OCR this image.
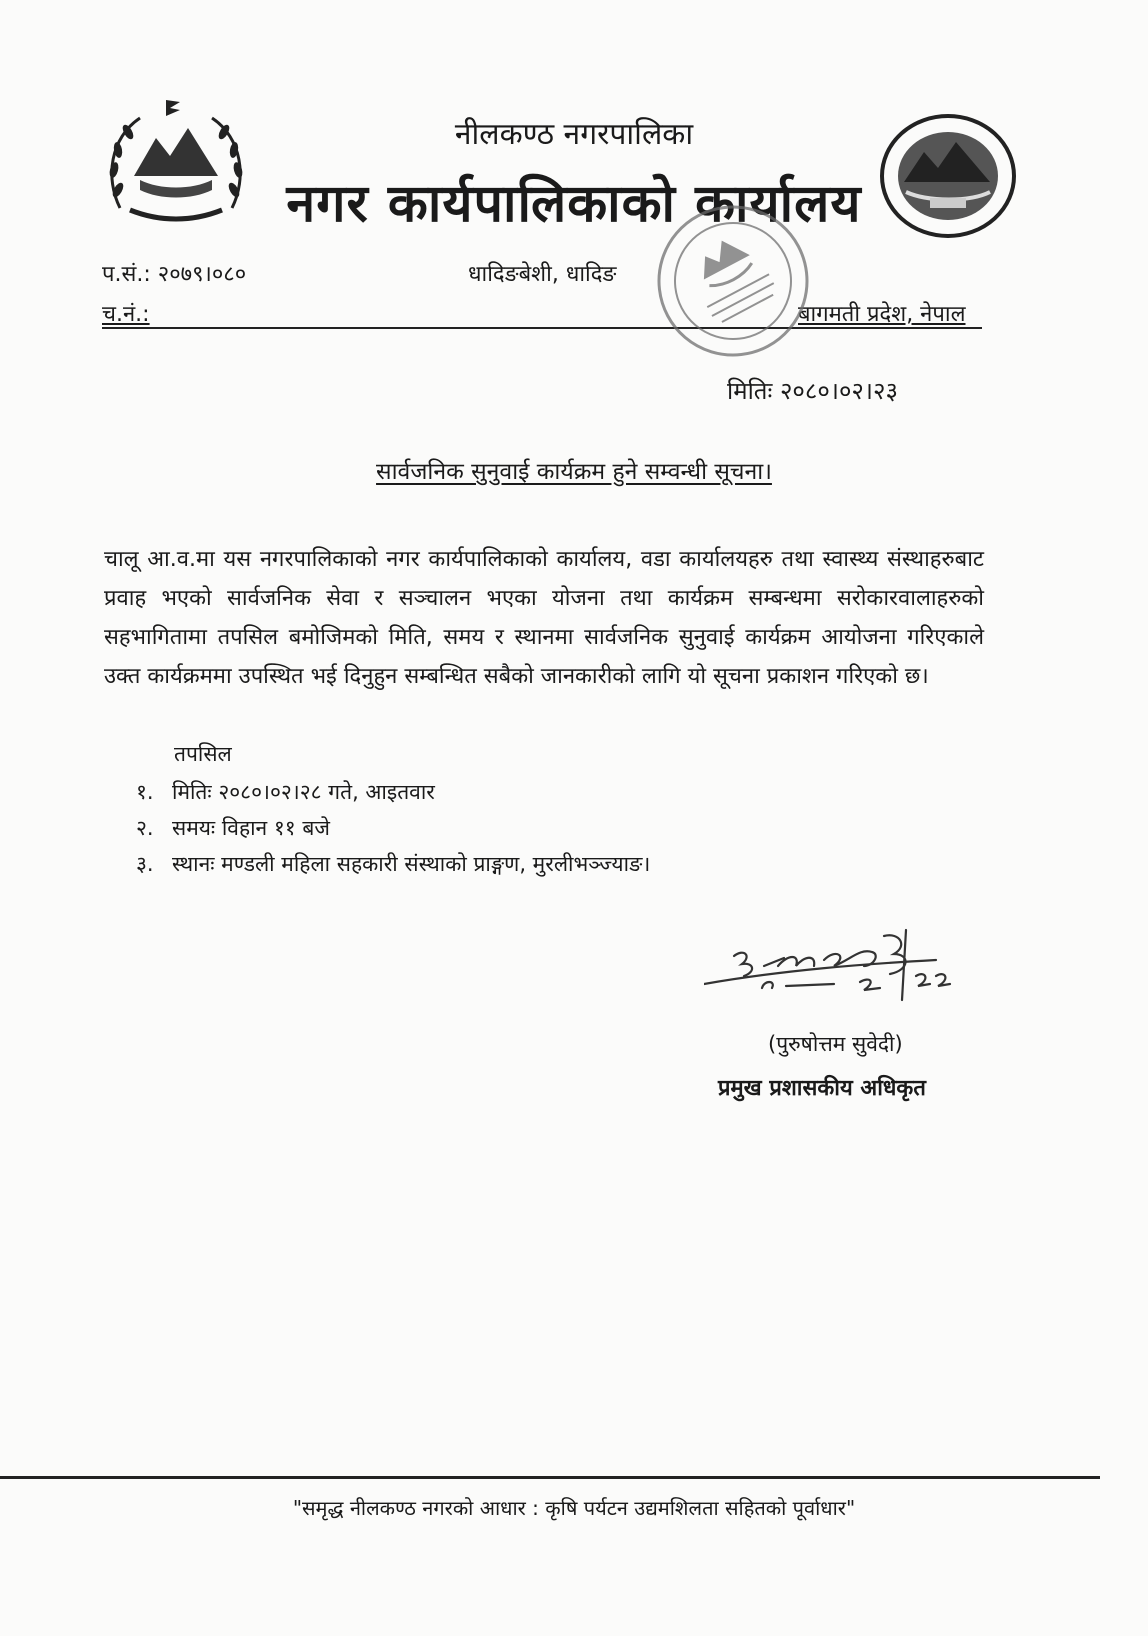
नीलकण्ठ नगरपालिका
नगर कार्यपालिकाको कार्यालय
प.सं.: २०७९।०८०
च.नं.:
धादिङबेशी, धादिङ
बागमती प्रदेश, नेपाल
मितिः २०८०।०२।२३
सार्वजनिक सुनुवाई कार्यक्रम हुने सम्वन्धी सूचना।
चालू आ.व.मा यस नगरपालिकाको नगर कार्यपालिकाको कार्यालय, वडा कार्यालयहरु तथा स्वास्थ्य संस्थाहरुबाट प्रवाह भएको सार्वजनिक सेवा र सञ्चालन भएका योजना तथा कार्यक्रम सम्बन्धमा सरोकारवालाहरुको सहभागितामा तपसिल बमोजिमको मिति, समय र स्थानमा सार्वजनिक सुनुवाई कार्यक्रम आयोजना गरिएकाले उक्त कार्यक्रममा उपस्थित भई दिनुहुन सम्बन्धित सबैको जानकारीको लागि यो सूचना प्रकाशन गरिएको छ।
तपसिल
१. मितिः २०८०।०२।२८ गते, आइतवार
२. समयः विहान ११ बजे
३. स्थानः मण्डली महिला सहकारी संस्थाको प्राङ्गण, मुरलीभञ्ज्याङ।
(पुरुषोत्तम सुवेदी)
प्रमुख प्रशासकीय अधिकृत
"समृद्ध नीलकण्ठ नगरको आधार : कृषि पर्यटन उद्यमशिलता सहितको पूर्वाधार"
